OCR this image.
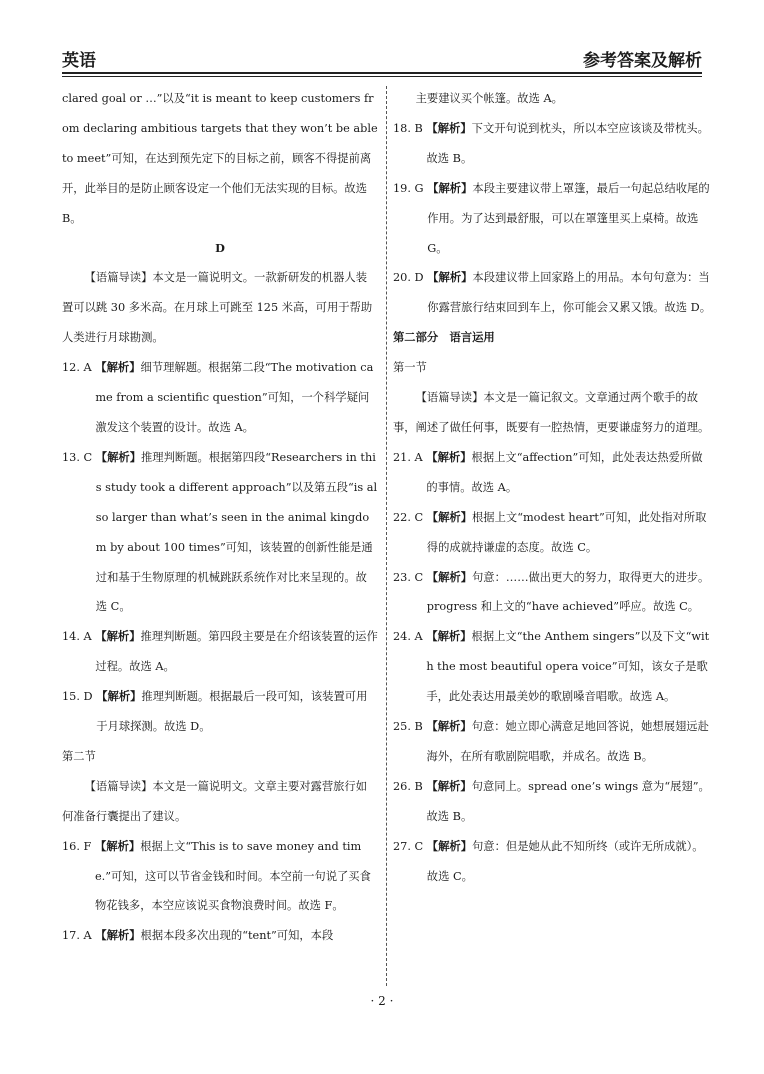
英语	参考答案及解析

clared goal or …”以及“it is meant to keep customers from declaring ambitious targets that they won’t be able to meet”可知，在达到预先定下的目标之前，顾客不得提前离开，此举目的是防止顾客设定一个他们无法实现的目标。故选 B。

D

【语篇导读】本文是一篇说明文。一款新研发的机器人装置可以跳 30 多米高。在月球上可跳至 125 米高，可用于帮助人类进行月球勘测。

12. A 【解析】细节理解题。根据第二段“The motivation came from a scientific question”可知，一个科学疑问激发这个装置的设计。故选 A。
13. C 【解析】推理判断题。根据第四段“Researchers in this study took a different approach”以及第五段“is also larger than what’s seen in the animal kingdom by about 100 times”可知，该装置的创新性能是通过和基于生物原理的机械跳跃系统作对比来呈现的。故选 C。
14. A 【解析】推理判断题。第四段主要是在介绍该装置的运作过程。故选 A。
15. D 【解析】推理判断题。根据最后一段可知，该装置可用于月球探测。故选 D。

第二节

【语篇导读】本文是一篇说明文。文章主要对露营旅行如何准备行囊提出了建议。

16. F 【解析】根据上文“This is to save money and time.”可知，这可以节省金钱和时间。本空前一句说了买食物花钱多，本空应该说买食物浪费时间。故选 F。
17. A 【解析】根据本段多次出现的“tent”可知，本段

主要建议买个帐篷。故选 A。

18. B 【解析】下文开句说到枕头，所以本空应该谈及带枕头。故选 B。
19. G 【解析】本段主要建议带上罩篷，最后一句起总结收尾的作用。为了达到最舒服，可以在罩篷里买上桌椅。故选 G。
20. D 【解析】本段建议带上回家路上的用品。本句句意为：当你露营旅行结束回到车上，你可能会又累又饿。故选 D。

第二部分　语言运用

第一节

【语篇导读】本文是一篇记叙文。文章通过两个歌手的故事，阐述了做任何事，既要有一腔热情，更要谦虚努力的道理。

21. A 【解析】根据上文“affection”可知，此处表达热爱所做的事情。故选 A。
22. C 【解析】根据上文“modest heart”可知，此处指对所取得的成就持谦虚的态度。故选 C。
23. C 【解析】句意：……做出更大的努力，取得更大的进步。progress 和上文的“have achieved”呼应。故选 C。
24. A 【解析】根据上文“the Anthem singers”以及下文“with the most beautiful opera voice”可知，该女子是歌手，此处表达用最美妙的歌剧嗓音唱歌。故选 A。
25. B 【解析】句意：她立即心满意足地回答说，她想展翅远赴海外，在所有歌剧院唱歌，并成名。故选 B。
26. B 【解析】句意同上。spread one’s wings 意为“展翅”。故选 B。
27. C 【解析】句意：但是她从此不知所终（或许无所成就）。故选 C。
· 2 ·
